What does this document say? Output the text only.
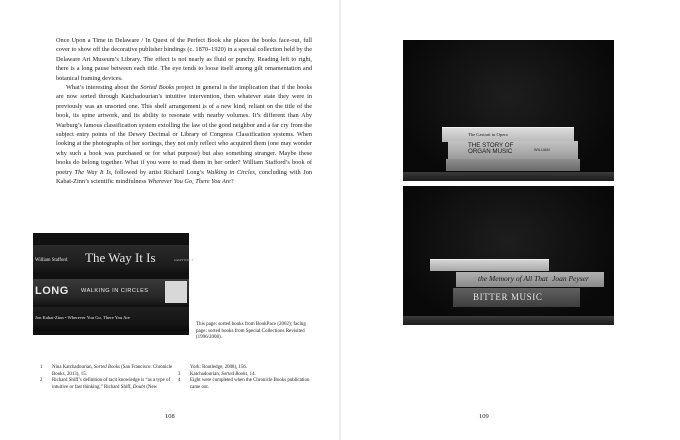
Once Upon a Time in Delaware / In Quest of the Perfect Book she places the books face-out, full cover to show off the decorative publisher bindings (c. 1870–1920) in a special collection held by the Delaware Art Museum’s Library. The effect is not nearly as fluid or punchy. Reading left to right, there is a long pause between each title. The eye tends to loose itself among gilt ornamentation and botanical framing devices.

What’s interesting about the Sorted Books project in general is the implication that if the books are now sorted through Katchadourian’s intuitive intervention, then whatever state they were in previously was an unsorted one. This shelf arrangement is of a new kind, reliant on the title of the book, its spine artwork, and its ability to resonate with nearby volumes. It’s different than Aby Warburg’s famous classification system extolling the law of the good neighbor and a far cry from the subject entry points of the Dewey Decimal or Library of Congress Classification systems. When looking at the photographs of her sortings, they not only reflect who acquired them (one may wonder why such a book was purchased or for what purpose) but also something stranger. Maybe these books do belong together. What if you were to read them in her order? William Stafford’s book of poetry The Way It Is, followed by artist Richard Long’s Walking in Circles, concluding with Jon Kabat-Zinn’s scientific mindfulness Wherever You Go, There You Are?

William Stafford The Way It Is	GRAYWOLF
LONG WALKING IN CIRCLES
Jon Kabat-Zinn • Wherever You Go, There You Are
This page: sorted books from BookPace (2002); facing page: sorted books from Special Collections Revisited (1996/2008).
1	Nina Katchadourian, Sorted Books (San Francisco: Chronicle Books, 2013), 15.
2	Richard Shiff’s definition of tacit knowledge is “as a type of intuitive or fast thinking.” Richard Shiff, Doubt (New
York: Routledge, 2008), 156.
3	Katchadourian, Sorted Books, 14.
4	Eight were completed when the Chronicle Books publication came out.
108
The Castrati in Opera
THE STORY OF
ORGAN MUSIC	WILLIAM
the Memory of All That Joan Peyser
BITTER MUSIC
109
